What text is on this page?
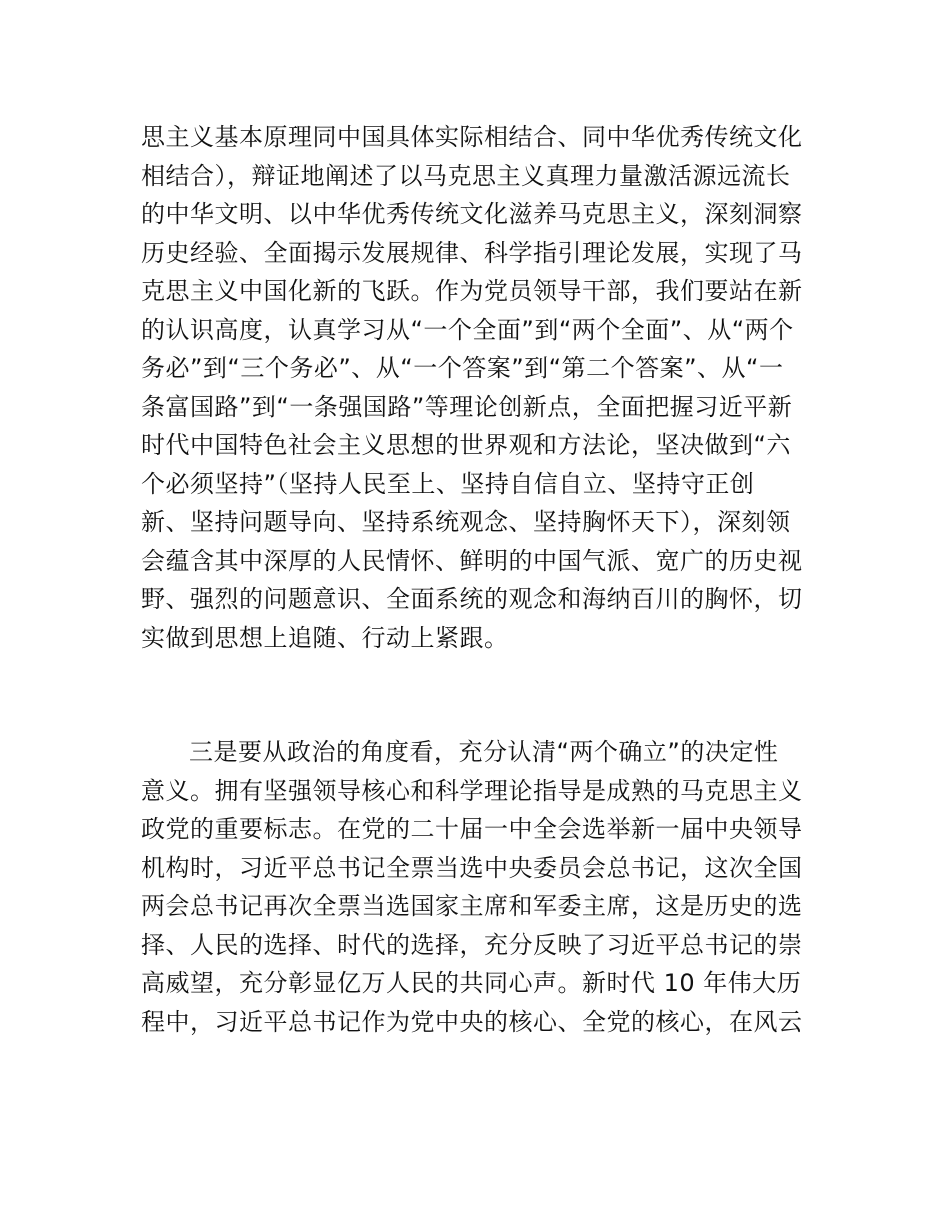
思主义基本原理同中国具体实际相结合、同中华优秀传统文化
相结合），辩证地阐述了以马克思主义真理力量激活源远流长
的中华文明、以中华优秀传统文化滋养马克思主义，深刻洞察
历史经验、全面揭示发展规律、科学指引理论发展，实现了马
克思主义中国化新的飞跃。作为党员领导干部，我们要站在新
的认识高度，认真学习从“一个全面”到“两个全面”、从“两个
务必”到“三个务必”、从“一个答案”到“第二个答案”、从“一
条富国路”到“一条强国路”等理论创新点，全面把握习近平新
时代中国特色社会主义思想的世界观和方法论，坚决做到“六
个必须坚持”（坚持人民至上、坚持自信自立、坚持守正创
新、坚持问题导向、坚持系统观念、坚持胸怀天下），深刻领
会蕴含其中深厚的人民情怀、鲜明的中国气派、宽广的历史视
野、强烈的问题意识、全面系统的观念和海纳百川的胸怀，切
实做到思想上追随、行动上紧跟。
三是要从政治的角度看，充分认清“两个确立”的决定性
意义。拥有坚强领导核心和科学理论指导是成熟的马克思主义
政党的重要标志。在党的二十届一中全会选举新一届中央领导
机构时，习近平总书记全票当选中央委员会总书记，这次全国
两会总书记再次全票当选国家主席和军委主席，这是历史的选
择、人民的选择、时代的选择，充分反映了习近平总书记的崇
高威望，充分彰显亿万人民的共同心声。新时代 10 年伟大历
程中，习近平总书记作为党中央的核心、全党的核心，在风云
